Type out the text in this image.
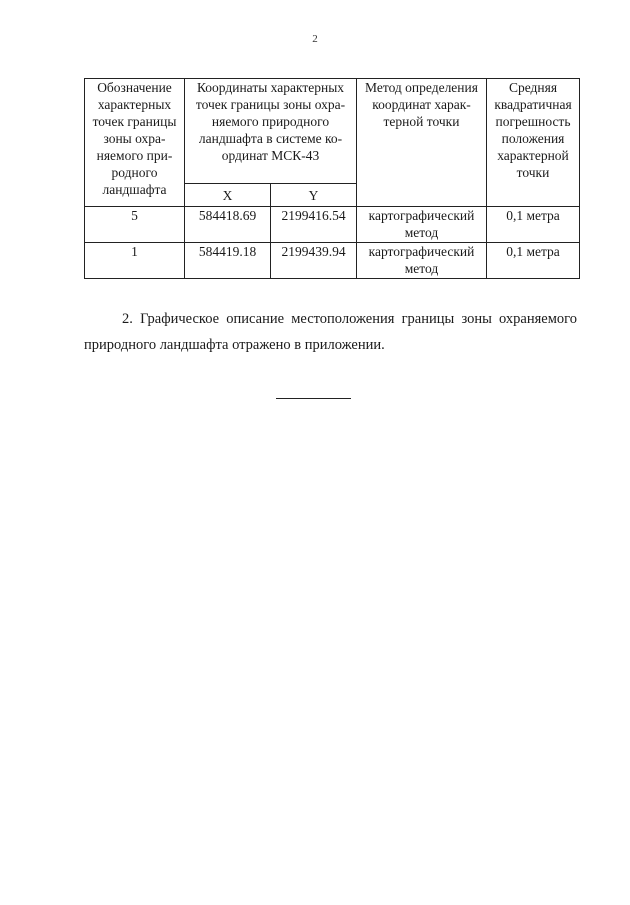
2
Обозначение характерных точек границы зоны охра-няемого при-родного ландшафта	Координаты характерных точек границы зоны охра-няемого природного ландшафта в системе ко-ординат МСК-43		Метод определения координат харак-терной точки	Средняя квадратичная погрешность положения характерной точки
	X	Y		
5	584418.69	2199416.54	картографический метод	0,1 метра
1	584419.18	2199439.94	картографический метод	0,1 метра

2. Графическое описание местоположения границы зоны охраняемого природного ландшафта отражено в приложении.
